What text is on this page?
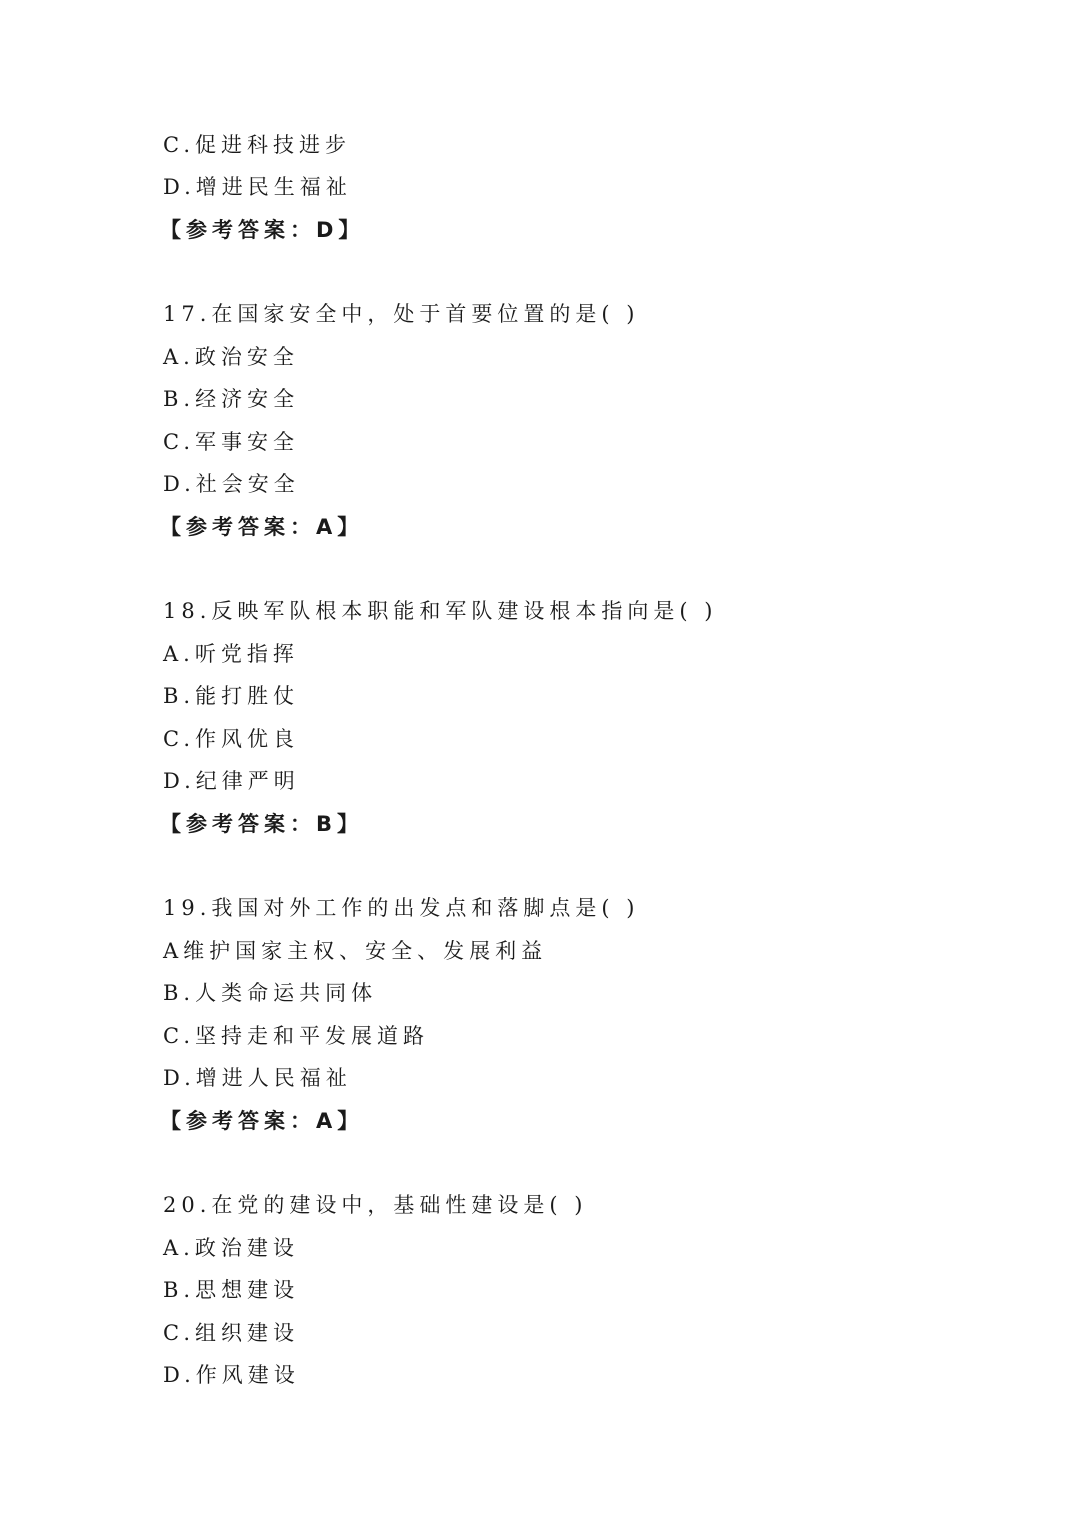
C.促进科技进步
D.增进民生福祉
【参考答案：D】
17.在国家安全中，处于首要位置的是( )
A.政治安全
B.经济安全
C.军事安全
D.社会安全
【参考答案：A】
18.反映军队根本职能和军队建设根本指向是( )
A.听党指挥
B.能打胜仗
C.作风优良
D.纪律严明
【参考答案：B】
19.我国对外工作的出发点和落脚点是( )
A维护国家主权、安全、发展利益
B.人类命运共同体
C.坚持走和平发展道路
D.增进人民福祉
【参考答案：A】
20.在党的建设中，基础性建设是( )
A.政治建设
B.思想建设
C.组织建设
D.作风建设
